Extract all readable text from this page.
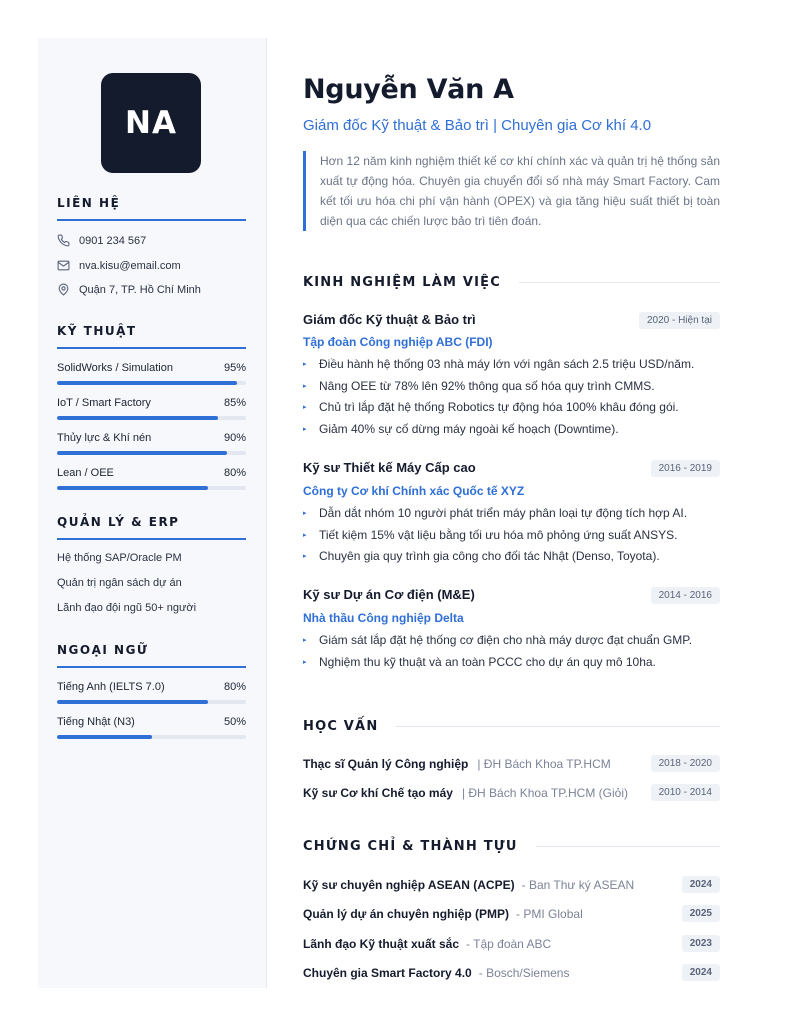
NA
LIÊN HỆ
0901 234 567
nva.kisu@email.com
Quận 7, TP. Hồ Chí Minh
KỸ THUẬT
SolidWorks / Simulation	95%
IoT / Smart Factory	85%
Thủy lực & Khí nén	90%
Lean / OEE	80%
QUẢN LÝ & ERP
Hệ thống SAP/Oracle PM
Quản trị ngân sách dự án
Lãnh đạo đội ngũ 50+ người
NGOẠI NGỮ
Tiếng Anh (IELTS 7.0)	80%
Tiếng Nhật (N3)	50%
Nguyễn Văn A
Giám đốc Kỹ thuật & Bảo trì | Chuyên gia Cơ khí 4.0
Hơn 12 năm kinh nghiệm thiết kế cơ khí chính xác và quản trị hệ thống sản xuất tự động hóa. Chuyên gia chuyển đổi số nhà máy Smart Factory. Cam kết tối ưu hóa chi phí vận hành (OPEX) và gia tăng hiệu suất thiết bị toàn diện qua các chiến lược bảo trì tiên đoán.
KINH NGHIỆM LÀM VIỆC
Giám đốc Kỹ thuật & Bảo trì	2020 - Hiện tại
Tập đoàn Công nghiệp ABC (FDI)
▸	Điều hành hệ thống 03 nhà máy lớn với ngân sách 2.5 triệu USD/năm.
▸	Nâng OEE từ 78% lên 92% thông qua số hóa quy trình CMMS.
▸	Chủ trì lắp đặt hệ thống Robotics tự động hóa 100% khâu đóng gói.
▸	Giảm 40% sự cố dừng máy ngoài kế hoạch (Downtime).
Kỹ sư Thiết kế Máy Cấp cao	2016 - 2019
Công ty Cơ khí Chính xác Quốc tế XYZ
▸	Dẫn dắt nhóm 10 người phát triển máy phân loại tự động tích hợp AI.
▸	Tiết kiệm 15% vật liệu bằng tối ưu hóa mô phỏng ứng suất ANSYS.
▸	Chuyên gia quy trình gia công cho đối tác Nhật (Denso, Toyota).
Kỹ sư Dự án Cơ điện (M&E)	2014 - 2016
Nhà thầu Công nghiệp Delta
▸	Giám sát lắp đặt hệ thống cơ điện cho nhà máy dược đạt chuẩn GMP.
▸	Nghiệm thu kỹ thuật và an toàn PCCC cho dự án quy mô 10ha.
HỌC VẤN
Thạc sĩ Quản lý Công nghiệp | ĐH Bách Khoa TP.HCM	2018 - 2020
Kỹ sư Cơ khí Chế tạo máy | ĐH Bách Khoa TP.HCM (Giỏi)	2010 - 2014
CHỨNG CHỈ & THÀNH TỰU
Kỹ sư chuyên nghiệp ASEAN (ACPE) - Ban Thư ký ASEAN	2024
Quản lý dự án chuyên nghiệp (PMP) - PMI Global	2025
Lãnh đạo Kỹ thuật xuất sắc - Tập đoàn ABC	2023
Chuyên gia Smart Factory 4.0 - Bosch/Siemens	2024
